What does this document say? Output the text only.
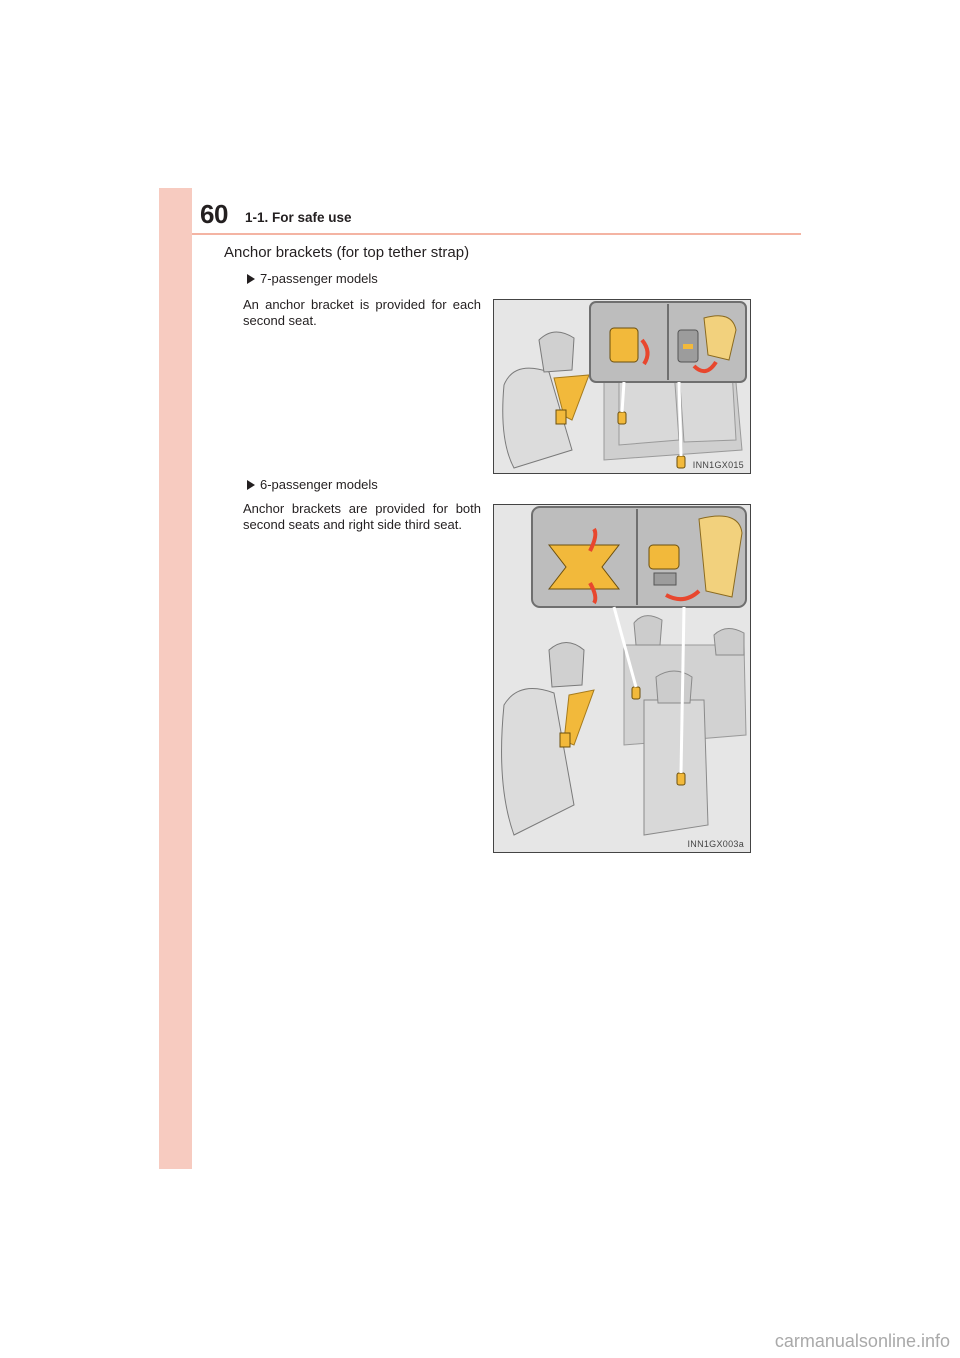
60 1-1. For safe use
Anchor brackets (for top tether strap)
7-passenger models
An anchor bracket is provided for each second seat.
INN1GX015
6-passenger models
Anchor brackets are provided for both second seats and right side third seat.
INN1GX003a
carmanualsonline.info
